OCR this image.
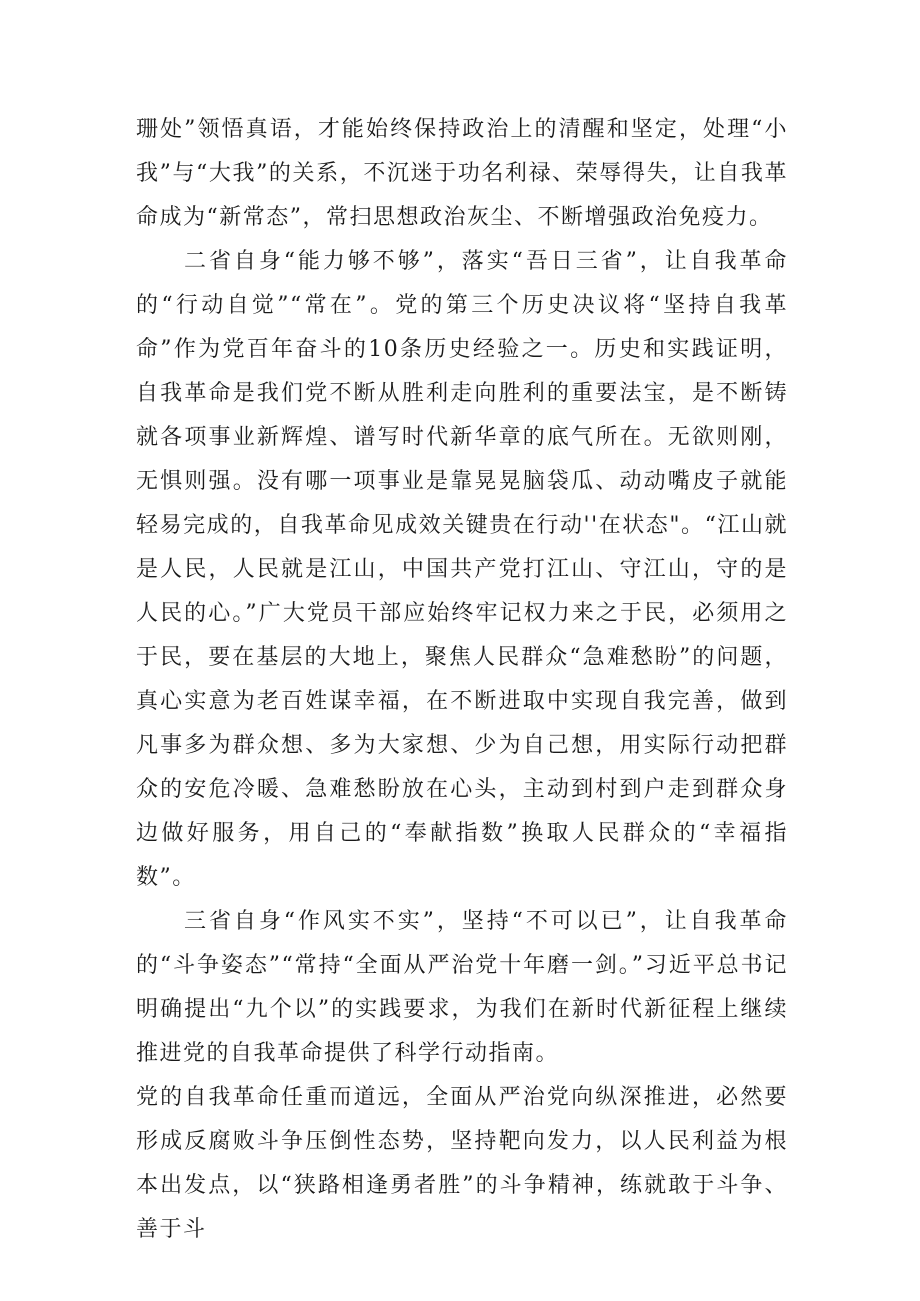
珊处”领悟真语，才能始终保持政治上的清醒和坚定，处理“小我”与“大我”的关系，不沉迷于功名利禄、荣辱得失，让自我革命成为“新常态”，常扫思想政治灰尘、不断增强政治免疫力。

二省自身“能力够不够”，落实“吾日三省”，让自我革命的“行动自觉”“常在”。党的第三个历史决议将“坚持自我革命”作为党百年奋斗的10条历史经验之一。历史和实践证明，自我革命是我们党不断从胜利走向胜利的重要法宝，是不断铸就各项事业新辉煌、谱写时代新华章的底气所在。无欲则刚，无惧则强。没有哪一项事业是靠晃晃脑袋瓜、动动嘴皮子就能轻易完成的，自我革命见成效关键贵在行动''在状态"。“江山就是人民，人民就是江山，中国共产党打江山、守江山，守的是人民的心。”广大党员干部应始终牢记权力来之于民，必须用之于民，要在基层的大地上，聚焦人民群众“急难愁盼”的问题，真心实意为老百姓谋幸福，在不断进取中实现自我完善，做到凡事多为群众想、多为大家想、少为自己想，用实际行动把群众的安危冷暖、急难愁盼放在心头，主动到村到户走到群众身边做好服务，用自己的“奉献指数”换取人民群众的“幸福指数”。

三省自身“作风实不实”，坚持“不可以已”，让自我革命的“斗争姿态”“常持“全面从严治党十年磨一剑。”习近平总书记明确提出“九个以”的实践要求，为我们在新时代新征程上继续推进党的自我革命提供了科学行动指南。

党的自我革命任重而道远，全面从严治党向纵深推进，必然要形成反腐败斗争压倒性态势，坚持靶向发力，以人民利益为根本出发点，以“狭路相逢勇者胜”的斗争精神，练就敢于斗争、善于斗
